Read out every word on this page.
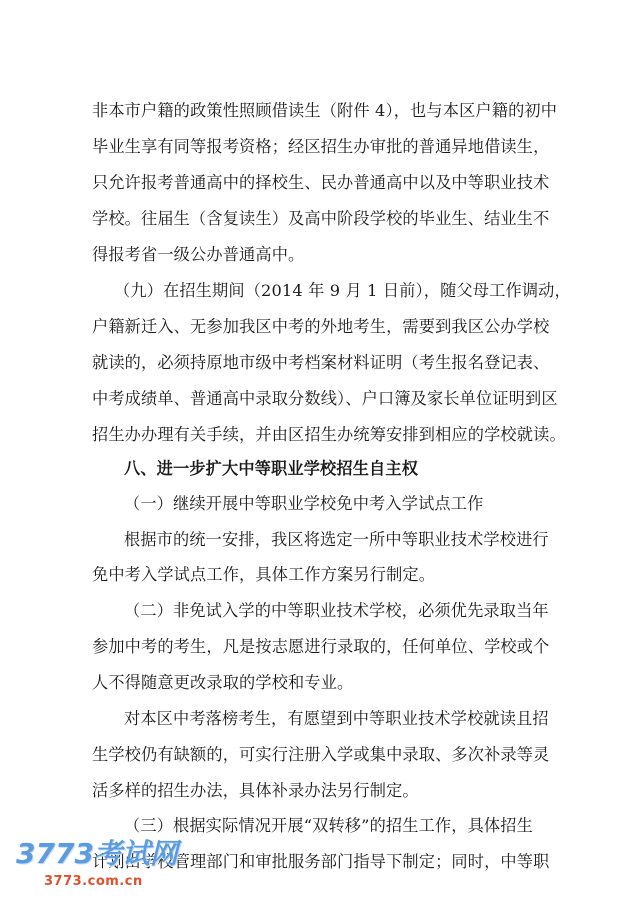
非本市户籍的政策性照顾借读生（附件 4），也与本区户籍的初中
毕业生享有同等报考资格；经区招生办审批的普通异地借读生，
只允许报考普通高中的择校生、民办普通高中以及中等职业技术
学校。往届生（含复读生）及高中阶段学校的毕业生、结业生不
得报考省一级公办普通高中。
（九）在招生期间（2014 年 9 月 1 日前），随父母工作调动，
户籍新迁入、无参加我区中考的外地考生，需要到我区公办学校
就读的，必须持原地市级中考档案材料证明（考生报名登记表、
中考成绩单、普通高中录取分数线）、户口簿及家长单位证明到区
招生办办理有关手续，并由区招生办统筹安排到相应的学校就读。
八、进一步扩大中等职业学校招生自主权
（一）继续开展中等职业学校免中考入学试点工作
根据市的统一安排，我区将选定一所中等职业技术学校进行
免中考入学试点工作，具体工作方案另行制定。
（二）非免试入学的中等职业技术学校，必须优先录取当年
参加中考的考生，凡是按志愿进行录取的，任何单位、学校或个
人不得随意更改录取的学校和专业。
对本区中考落榜考生，有愿望到中等职业技术学校就读且招
生学校仍有缺额的，可实行注册入学或集中录取、多次补录等灵
活多样的招生办法，具体补录办法另行制定。
（三）根据实际情况开展“双转移”的招生工作，具体招生
计划由学校管理部门和审批服务部门指导下制定；同时，中等职
3773考试网
3773.com.cn
